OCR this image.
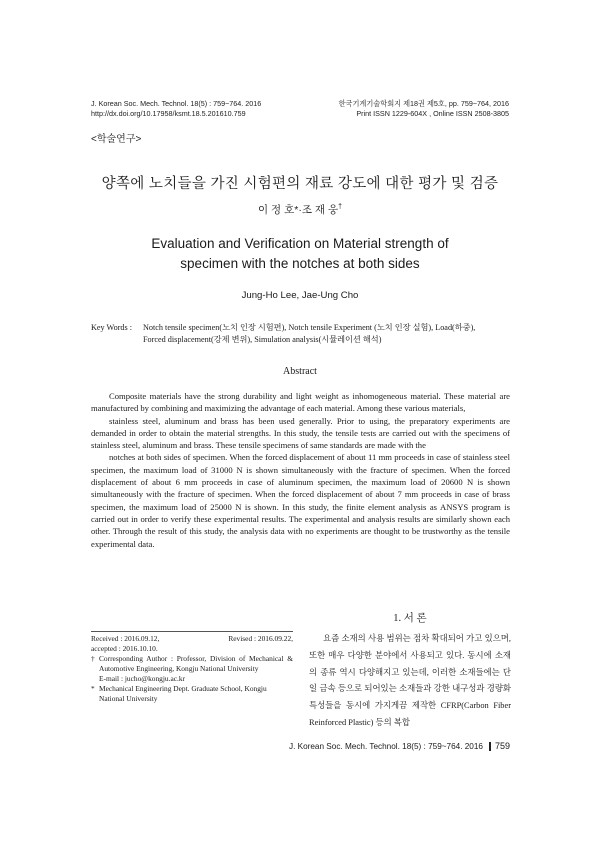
J. Korean Soc. Mech. Technol. 18(5) : 759~764. 2016
http://dx.doi.org/10.17958/ksmt.18.5.201610.759
한국기계기술학회지 제18권 제5호, pp. 759~764, 2016
Print ISSN 1229-604X , Online ISSN 2508-3805
<학술연구>
양쪽에 노치들을 가진 시험편의 재료 강도에 대한 평가 및 검증
이 정 호*·조 재 웅†
Evaluation and Verification on Material strength of
specimen with the notches at both sides
Jung-Ho Lee, Jae-Ung Cho
Key Words : Notch tensile specimen(노치 인장 시험편), Notch tensile Experiment (노치 인장 실험), Load(하중),
Forced displacement(강제 변위), Simulation analysis(시뮬레이션 해석)
Abstract

Composite materials have the strong durability and light weight as inhomogeneous material. These material are manufactured by combining and maximizing the advantage of each material. Among these various materials,

stainless steel, aluminum and brass has been used generally. Prior to using, the preparatory experiments are demanded in order to obtain the material strengths. In this study, the tensile tests are carried out with the specimens of stainless steel, aluminum and brass. These tensile specimens of same standards are made with the

notches at both sides of specimen. When the forced displacement of about 11 mm proceeds in case of stainless steel specimen, the maximum load of 31000 N is shown simultaneously with the fracture of specimen. When the forced displacement of about 6 mm proceeds in case of aluminum specimen, the maximum load of 20600 N is shown simultaneously with the fracture of specimen. When the forced displacement of about 7 mm proceeds in case of brass specimen, the maximum load of 25000 N is shown. In this study, the finite element analysis as ANSYS program is carried out in order to verify these experimental results. The experimental and analysis results are similarly shown each other. Through the result of this study, the analysis data with no experiments are thought to be trustworthy as the tensile experimental data.

Received : 2016.09.12,	Revised : 2016.09.22,
accepted : 2016.10.10.
† Corresponding Author : Professor, Division of Mechanical & Automotive Engineering, Kongju National University
E-mail : jucho@kongju.ac.kr
* Mechanical Engineering Dept. Graduate School, Kongju National University
1. 서 론

요즘 소재의 사용 범위는 점차 확대되어 가고 있으며, 또한 매우 다양한 분야에서 사용되고 있다. 동시에 소재의 종류 역시 다양해지고 있는데, 이러한 소재들에는 단일 금속 등으로 되어있는 소재들과 강한 내구성과 경량화 특성들을 동시에 가지게끔 제작한 CFRP(Carbon Fiber Reinforced Plastic) 등의 복합

J. Korean Soc. Mech. Technol. 18(5) : 759~764. 2016 759
